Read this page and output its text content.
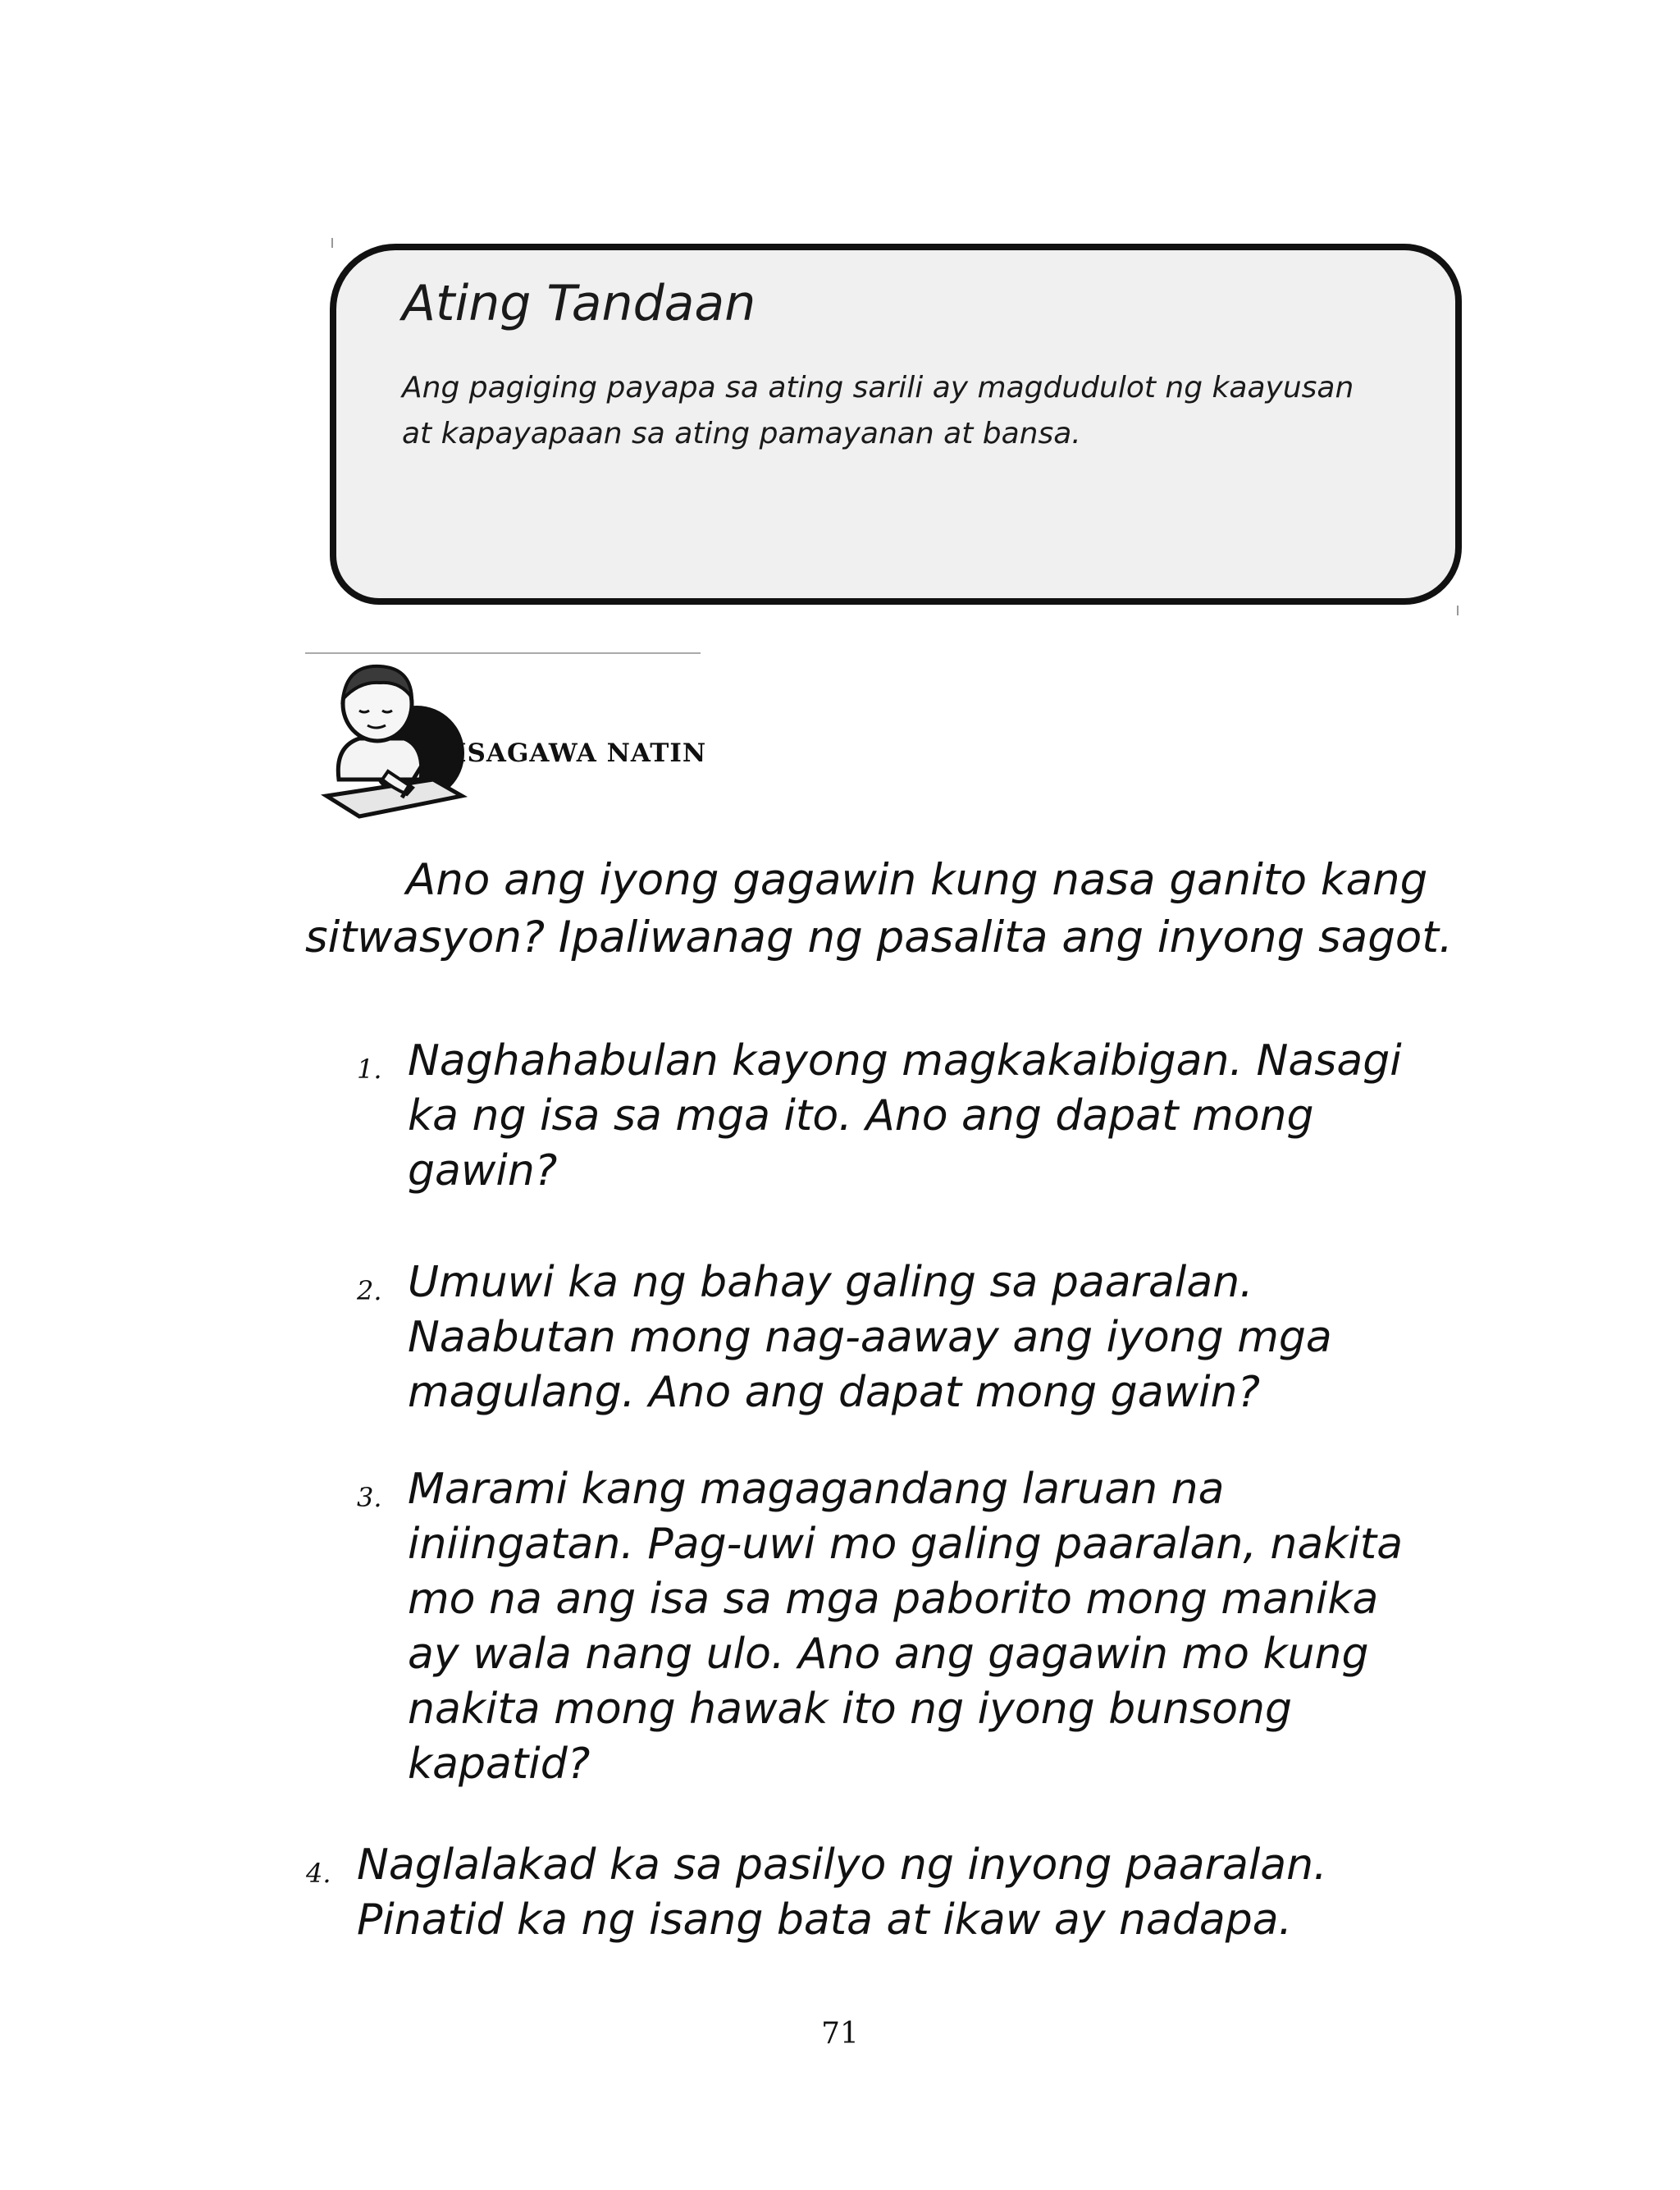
Ating Tandaan

Ang pagiging payapa sa ating sarili ay magdudulot ng kaayusan
at kapayapaan sa ating pamayanan at bansa.

ISAGAWA NATIN

Ano ang iyong gagawin kung nasa ganito kang sitwasyon? Ipaliwanag ng pasalita ang inyong sagot.

1. Naghahabulan kayong magkakaibigan. Nasagi
ka ng isa sa mga ito. Ano ang dapat mong
gawin?
2. Umuwi ka ng bahay galing sa paaralan.
Naabutan mong nag-aaway ang iyong mga
magulang. Ano ang dapat mong gawin?
3. Marami kang magagandang laruan na
iniingatan. Pag-uwi mo galing paaralan, nakita
mo na ang isa sa mga paborito mong manika
ay wala nang ulo. Ano ang gagawin mo kung
nakita mong hawak ito ng iyong bunsong
kapatid?
4. Naglalakad ka sa pasilyo ng inyong paaralan.
Pinatid ka ng isang bata at ikaw ay nadapa.

71
